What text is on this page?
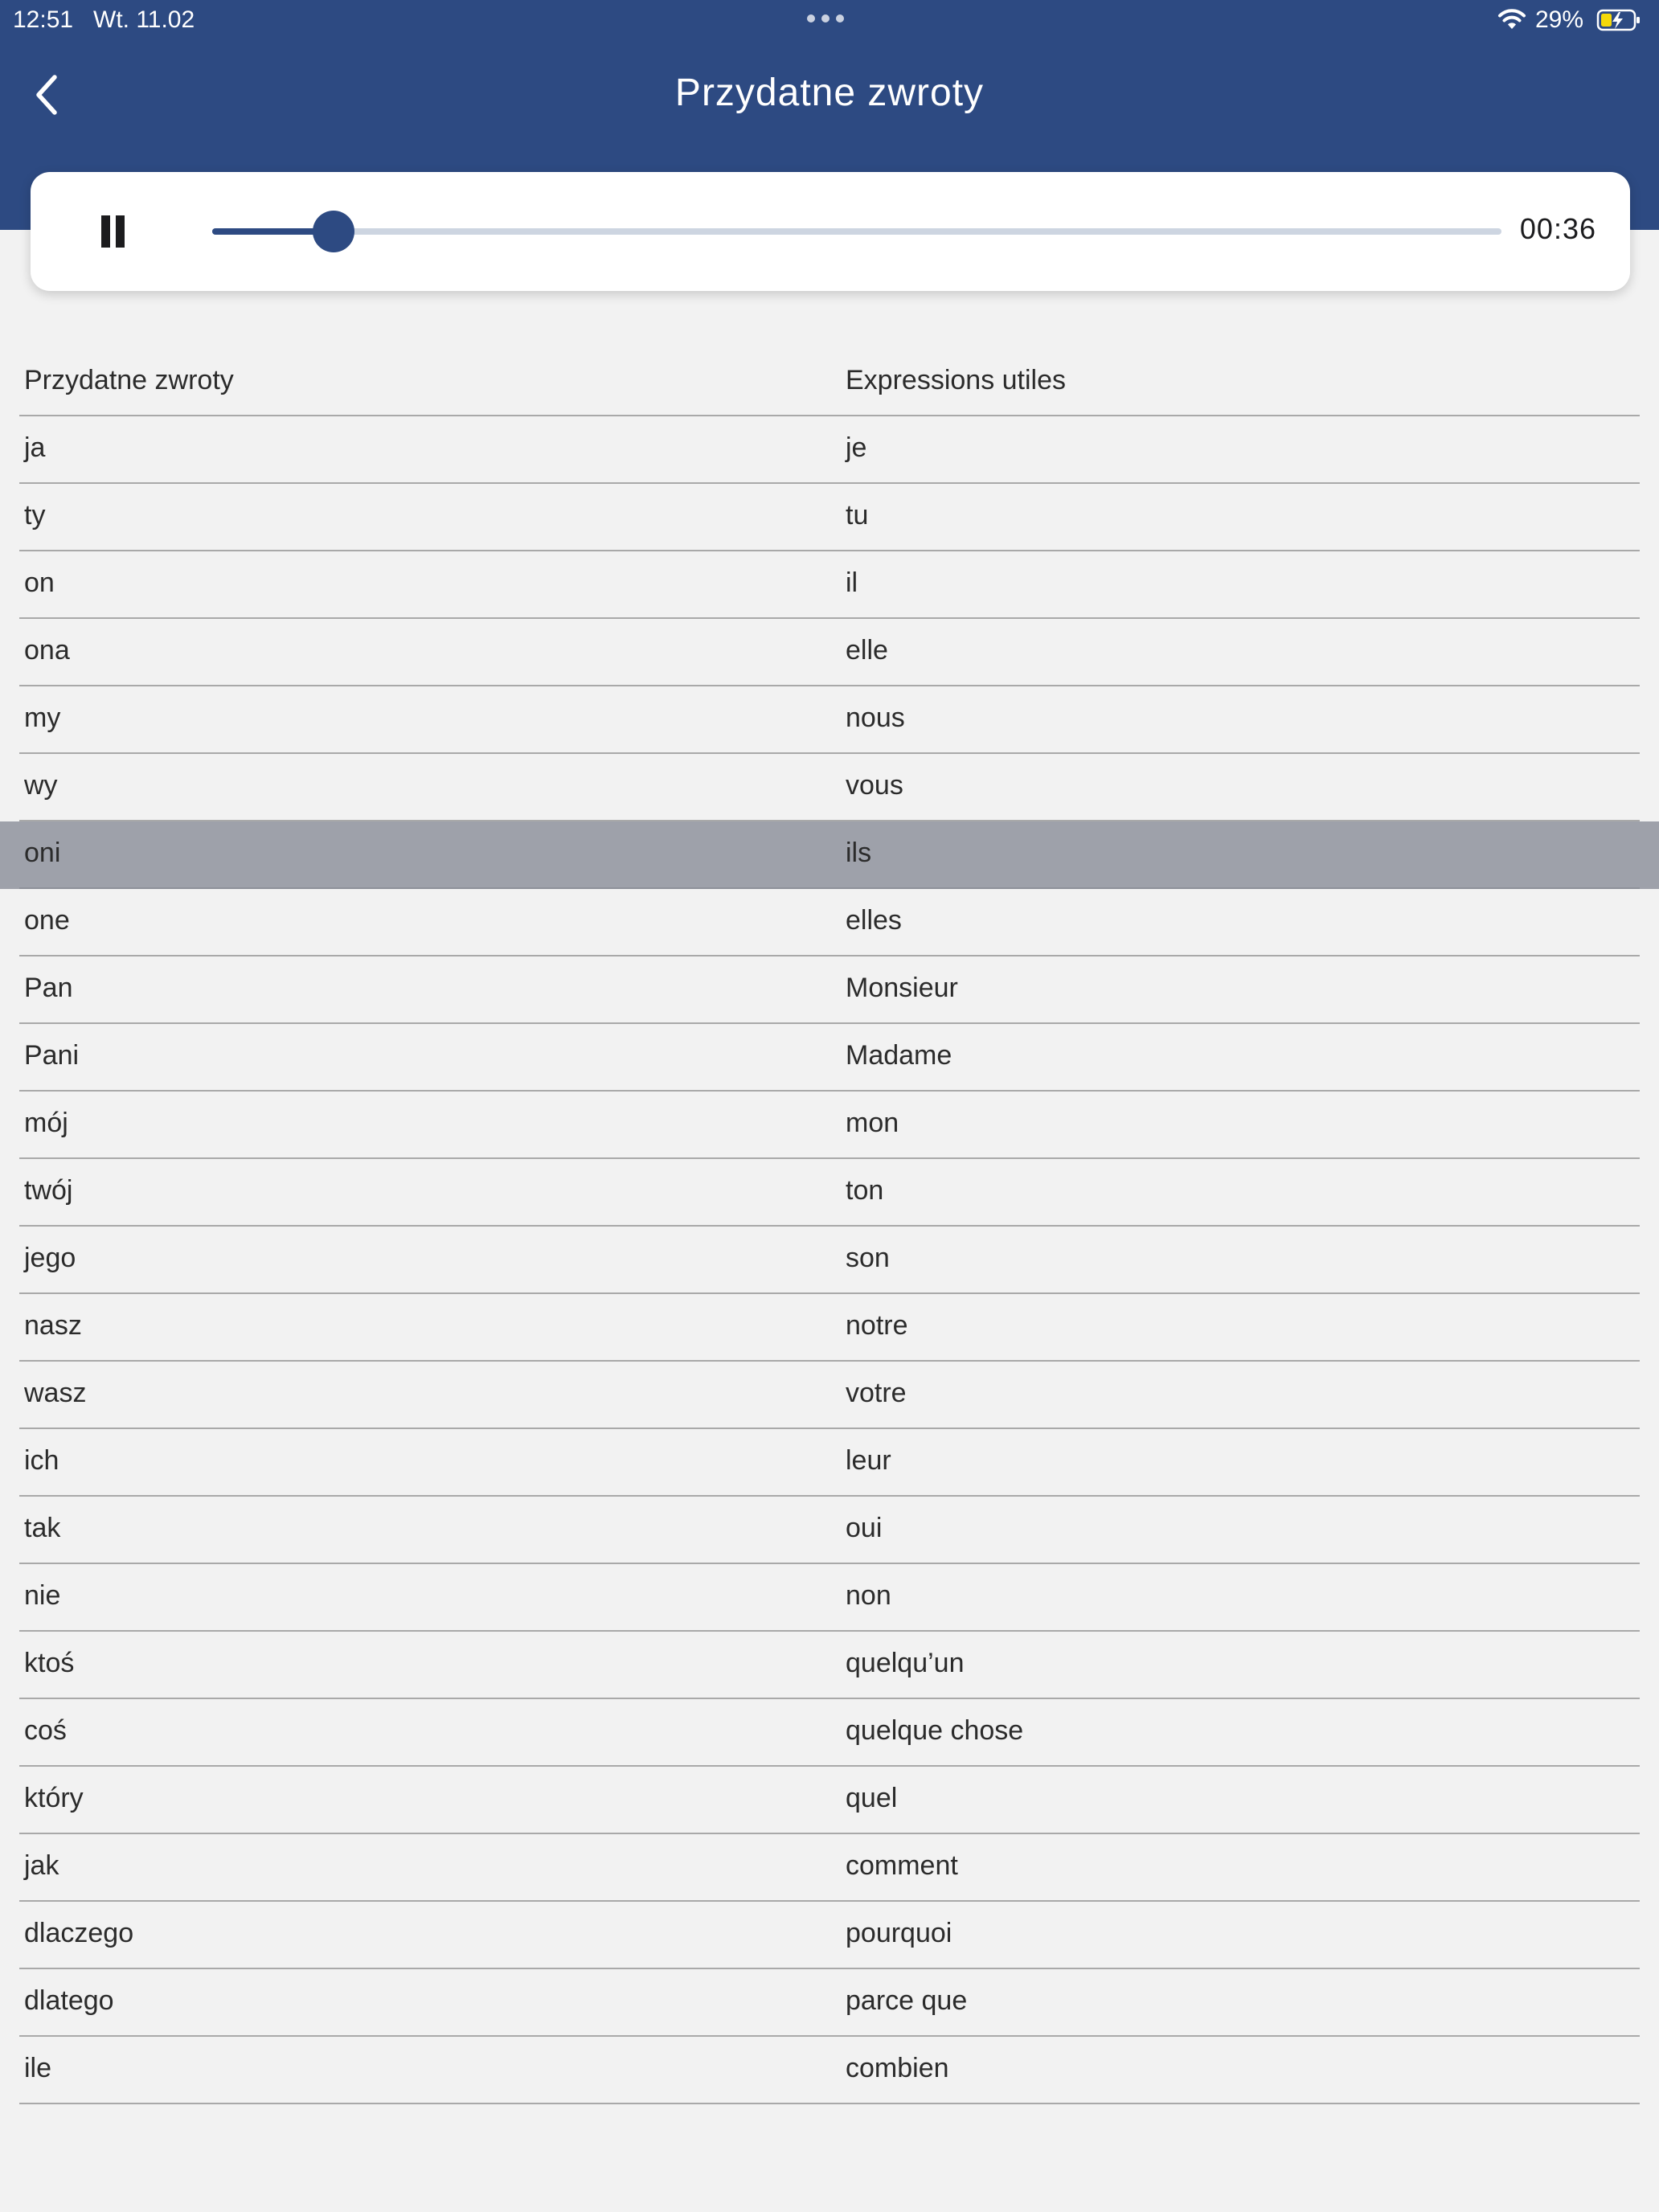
12:51 Wt. 11.02	29%
Przydatne zwroty
00:36
Przydatne zwroty	Expressions utiles
ja	je
ty	tu
on	il
ona	elle
my	nous
wy	vous
oni	ils
one	elles
Pan	Monsieur
Pani	Madame
mój	mon
twój	ton
jego	son
nasz	notre
wasz	votre
ich	leur
tak	oui
nie	non
ktoś	quelqu’un
coś	quelque chose
który	quel
jak	comment
dlaczego	pourquoi
dlatego	parce que
ile	combien
